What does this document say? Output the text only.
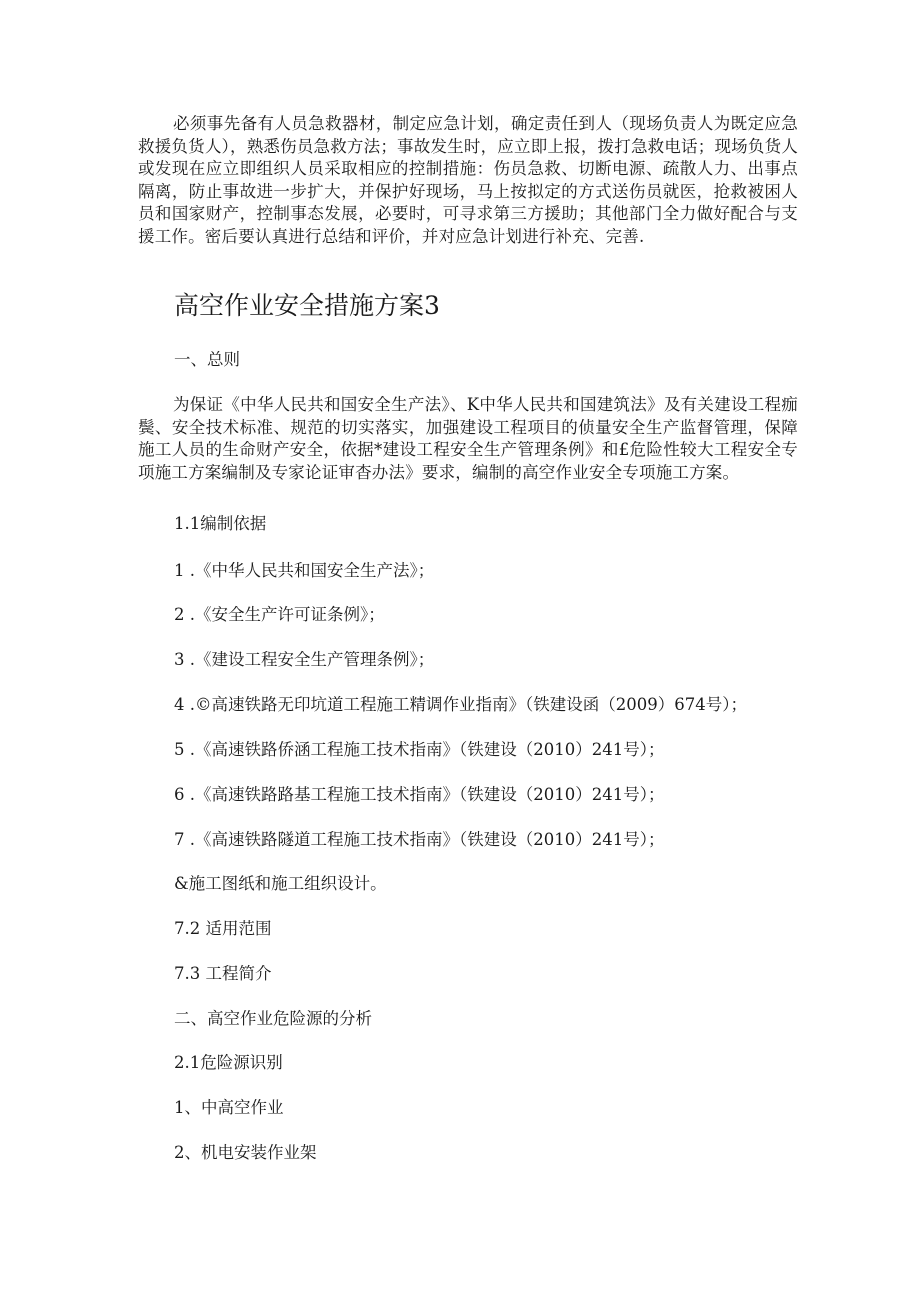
必须事先备有人员急救器材，制定应急计划，确定责任到人（现场负责人为既定应急救援负货人），熟悉伤员急救方法；事故发生时，应立即上报，拨打急救电话；现场负货人或发现在应立即组织人员采取相应的控制措施：伤员急救、切断电源、疏散人力、出事点隔离，防止事故进一步扩大，并保护好现场，马上按拟定的方式送伤员就医，抢救被困人员和国家财产，控制事态发展，必要时，可寻求第三方援助；其他部门全力做好配合与支援工作。密后要认真进行总结和评价，并对应急计划进行补充、完善.

高空作业安全措施方案3

一、总则

为保证《中华人民共和国安全生产法》、K中华人民共和国建筑法》及有关建设工程痂鬓、安全技术标准、规范的切实落实，加强建设工程项目的侦量安全生产监督管理，保障施工人员的生命财产安全，依据*建设工程安全生产管理条例》和£危险性较大工程安全专项施工方案编制及专家论证审杳办法》要求，编制的高空作业安全专项施工方案。

1.1编制依据

1 .《中华人民共和国安全生产法》；

2 .《安全生产许可证条例》；

3 .《建设工程安全生产管理条例》；

4 .©高速铁路无印坑道工程施工精调作业指南》（铁建设函（2009）674号）；

5 .《高速铁路侨涵工程施工技术指南》（铁建设（2010）241号）；

6 .《高速铁路路基工程施工技术指南》（铁建设（2010）241号）；

7 .《高速铁路隧道工程施工技术指南》（铁建设（2010）241号）；

&施工图纸和施工组织设计。

7.2 适用范围

7.3 工程简介

二、高空作业危险源的分析

2.1危险源识别

1、中高空作业

2、机电安装作业架
